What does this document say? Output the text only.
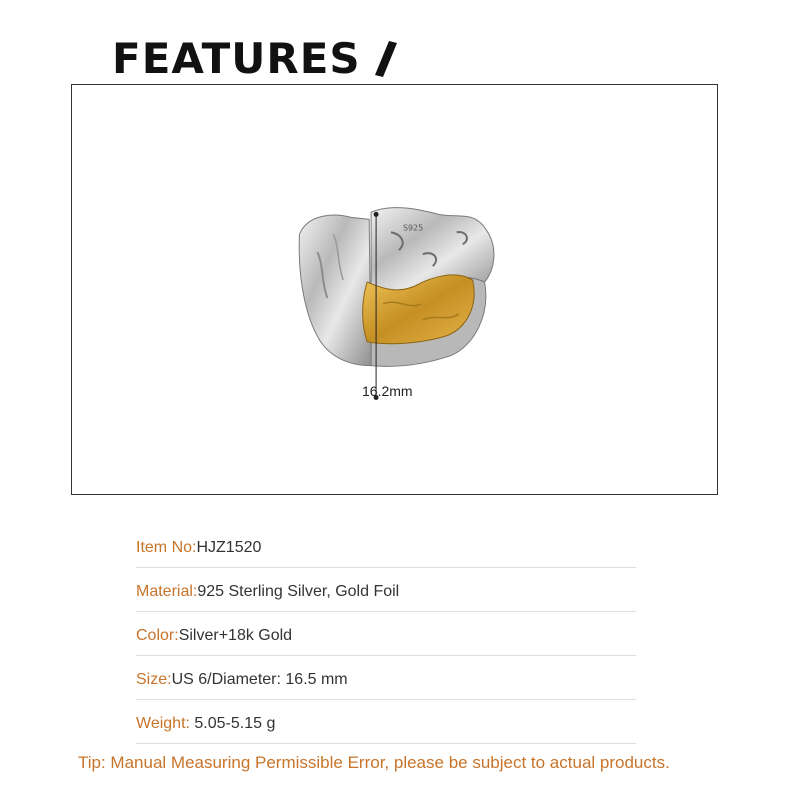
FEATURES
S925
16.2mm
Item No: HJZ1520
Material: 925 Sterling Silver, Gold Foil
Color: Silver+18k Gold
Size: US 6/Diameter: 16.5 mm
Weight: 5.05-5.15 g
Tip: Manual Measuring Permissible Error, please be subject to actual products.
